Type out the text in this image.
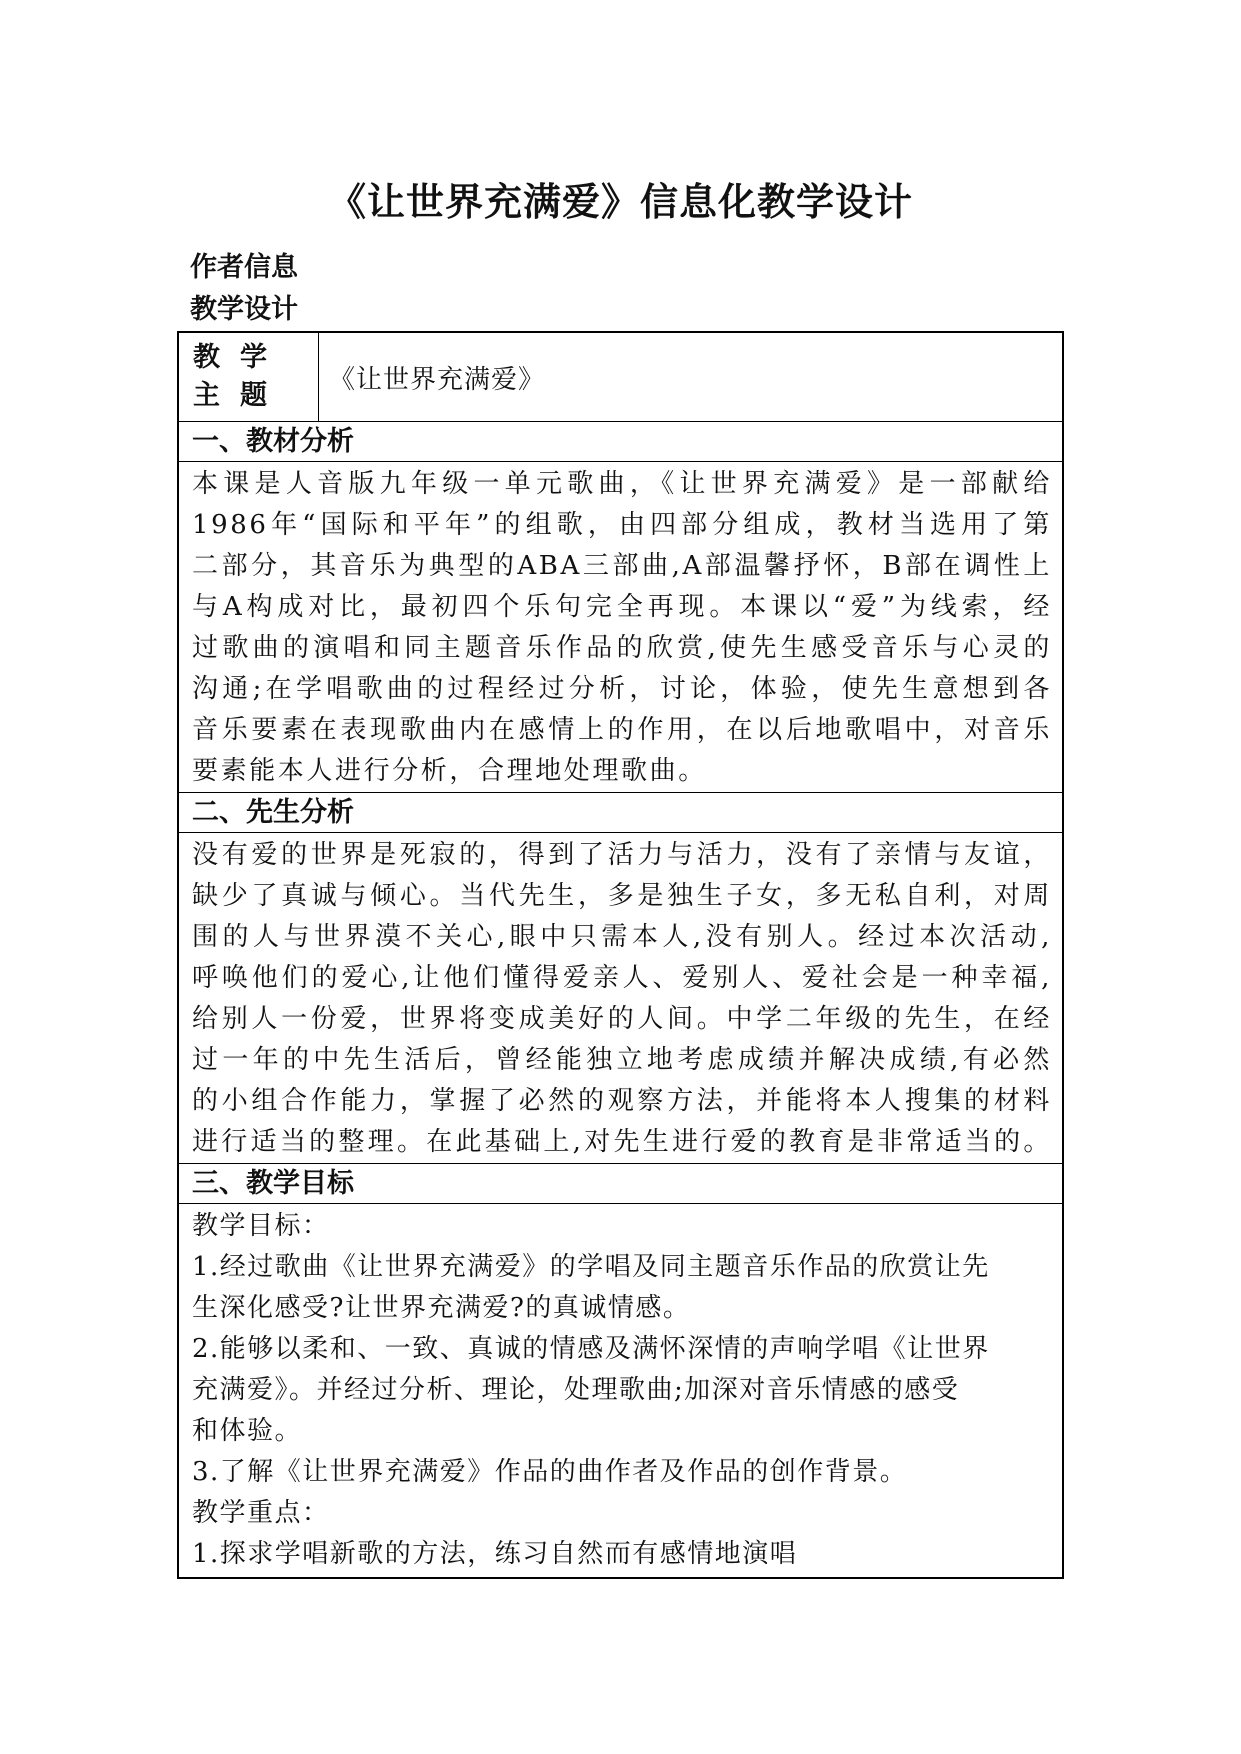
《让世界充满爱》信息化教学设计
作者信息
教学设计
教学主题
《让世界充满爱》
一、教材分析
本课是人音版九年级一单元歌曲，《让世界充满爱》是一部献给
1986年“国际和平年”的组歌，由四部分组成，教材当选用了第
二部分，其音乐为典型的ABA三部曲,A部温馨抒怀，B部在调性上
与A构成对比，最初四个乐句完全再现。本课以“爱”为线索，经
过歌曲的演唱和同主题音乐作品的欣赏,使先生感受音乐与心灵的
沟通;在学唱歌曲的过程经过分析，讨论，体验，使先生意想到各
音乐要素在表现歌曲内在感情上的作用，在以后地歌唱中，对音乐
要素能本人进行分析，合理地处理歌曲。
二、先生分析
没有爱的世界是死寂的，得到了活力与活力，没有了亲情与友谊，
缺少了真诚与倾心。当代先生，多是独生子女，多无私自利，对周
围的人与世界漠不关心,眼中只需本人,没有别人。经过本次活动,
呼唤他们的爱心,让他们懂得爱亲人、爱别人、爱社会是一种幸福,
给别人一份爱，世界将变成美好的人间。中学二年级的先生，在经
过一年的中先生活后，曾经能独立地考虑成绩并解决成绩,有必然
的小组合作能力，掌握了必然的观察方法，并能将本人搜集的材料
进行适当的整理。在此基础上,对先生进行爱的教育是非常适当的。
三、教学目标
教学目标：
1.经过歌曲《让世界充满爱》的学唱及同主题音乐作品的欣赏让先
生深化感受?让世界充满爱?的真诚情感。
2.能够以柔和、一致、真诚的情感及满怀深情的声响学唱《让世界
充满爱》。并经过分析、理论，处理歌曲;加深对音乐情感的感受
和体验。
3.了解《让世界充满爱》作品的曲作者及作品的创作背景。
教学重点：
1.探求学唱新歌的方法，练习自然而有感情地演唱
